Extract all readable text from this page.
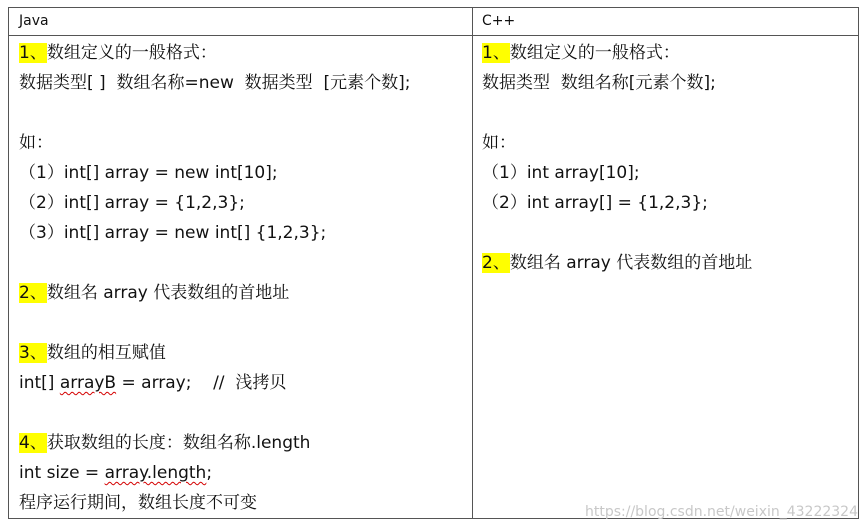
Java	C++
1、数组定义的一般格式：
数据类型[ ]  数组名称=new  数据类型  [元素个数];
如：
（1）int[] array = new int[10];
（2）int[] array = {1,2,3};
（3）int[] array = new int[] {1,2,3};
2、数组名 array 代表数组的首地址
3、数组的相互赋值
int[] arrayB = array;    //  浅拷贝
4、获取数组的长度：数组名称.length
int size = array.length;
程序运行期间，数组长度不可变
1、数组定义的一般格式：
数据类型  数组名称[元素个数];
如：
（1）int array[10];
（2）int array[] = {1,2,3};
2、数组名 array 代表数组的首地址
https://blog.csdn.net/weixin_43222324
